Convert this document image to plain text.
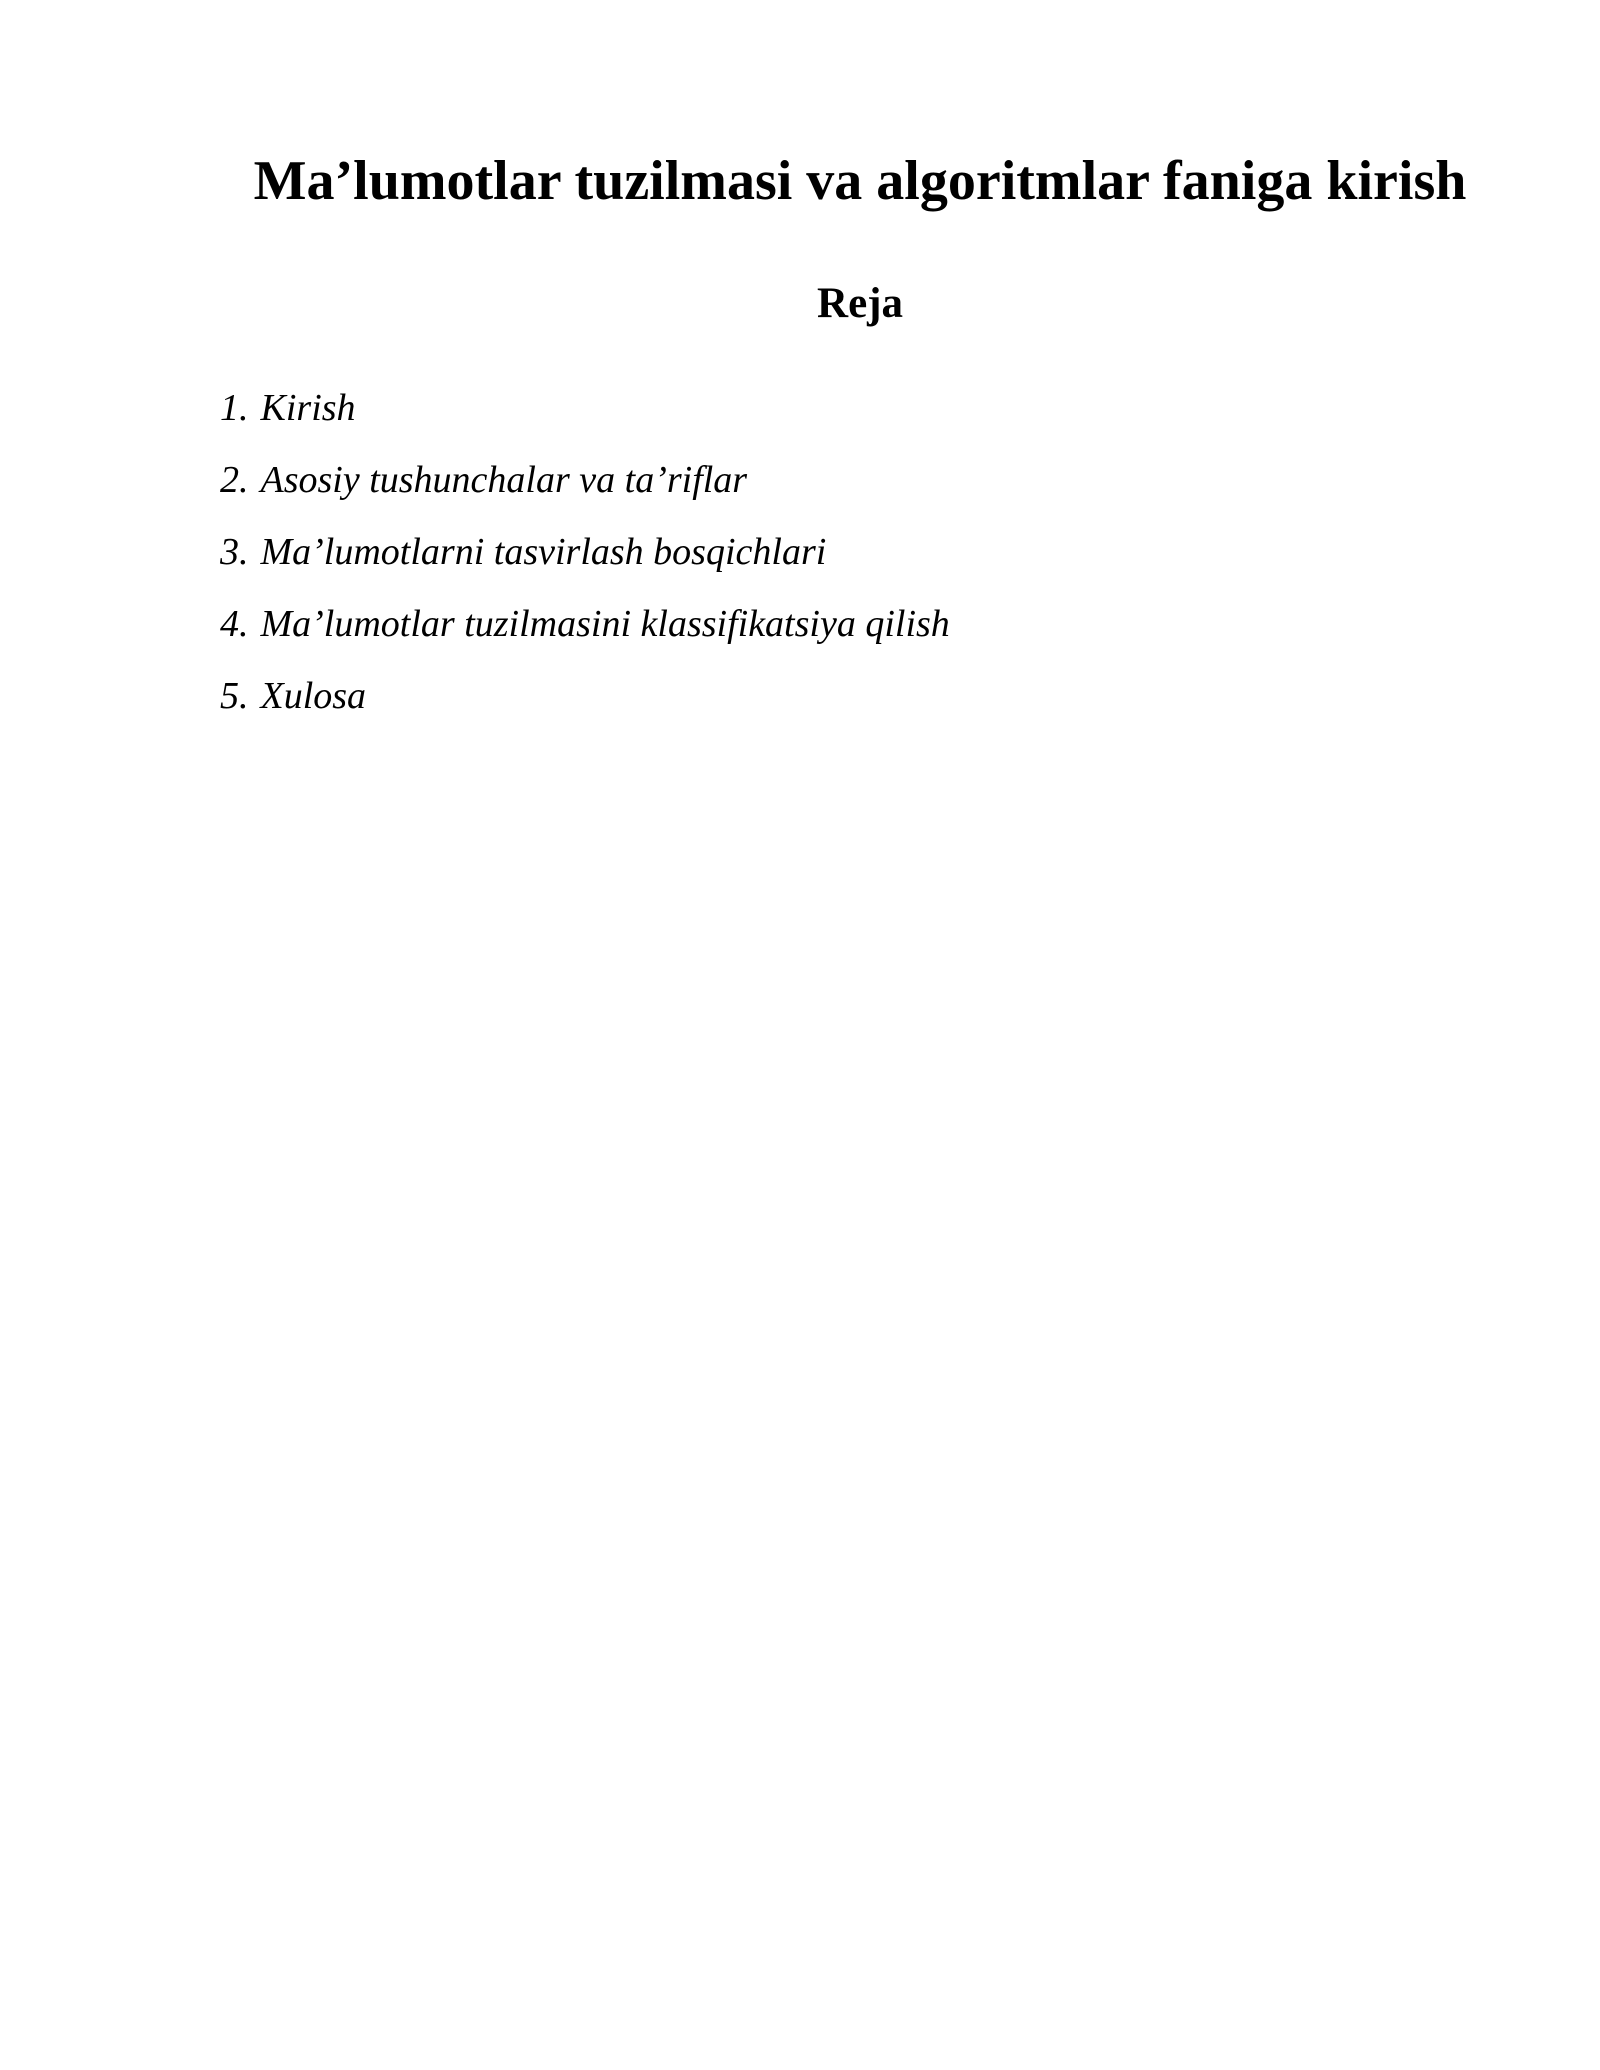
Ma’lumotlar tuzilmasi va algoritmlar faniga kirish
Reja
1. Kirish
2. Asosiy tushunchalar va ta’riflar
3. Ma’lumotlarni tasvirlash bosqichlari
4. Ma’lumotlar tuzilmasini klassifikatsiya qilish
5. Xulosa
